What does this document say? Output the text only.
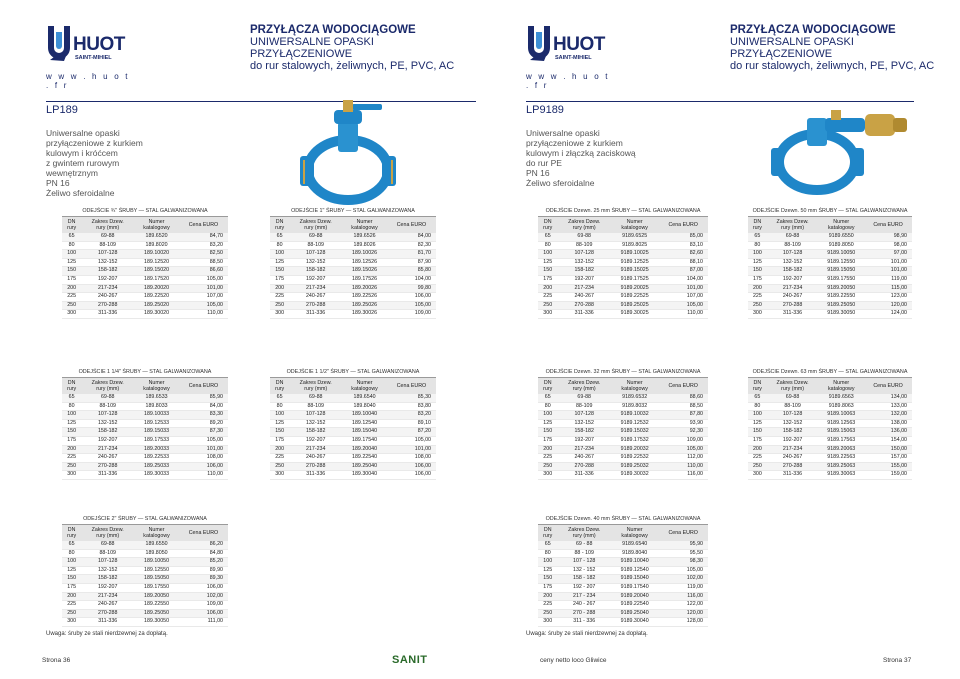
HUOT
SAINT-MIHIEL
w w w . h u o t . f r
PRZYŁĄCZA WODOCIĄGOWE
UNIWERSALNE OPASKI
PRZYŁĄCZENIOWE
do rur stalowych, żeliwnych, PE, PVC, AC
HUOT
SAINT-MIHIEL
w w w . h u o t . f r
PRZYŁĄCZA WODOCIĄGOWE
UNIWERSALNE OPASKI
PRZYŁĄCZENIOWE
do rur stalowych, żeliwnych, PE, PVC, AC
LP189
Uniwersalne opaski
przyłączeniowe z kurkiem
kulowym i króćcem
z gwintem rurowym
wewnętrznym
PN 16
Żeliwo sferoidalne
LP9189
Uniwersalne opaski
przyłączeniowe z kurkiem
kulowym i złączką zaciskową
do rur PE
PN 16
Żeliwo sferoidalne
ODEJŚCIE ¾" ŚRUBY — STAL GALWANIZOWANA
DN
rury	Zakres Dzew.
rury (mm)	Numer
katalogowy	Cena EURO
65	69-88	189.6520	84,70
80	88-109	189.8020	83,20
100	107-128	189.10020	82,50
125	132-152	189.12520	88,50
150	158-182	189.15020	86,60
175	192-207	189.17520	105,00
200	217-234	189.20020	101,00
225	240-267	189.22520	107,00
250	270-288	189.25020	105,00
300	311-336	189.30020	110,00
ODEJŚCIE 1" ŚRUBY — STAL GALWANIZOWANA
DN
rury	Zakres Dzew.
rury (mm)	Numer
katalogowy	Cena EURO
65	69-88	189.6526	84,00
80	88-109	189.8026	82,30
100	107-128	189.10026	81,70
125	132-152	189.12526	87,90
150	158-182	189.15026	85,80
175	192-207	189.17526	104,00
200	217-234	189.20026	99,80
225	240-267	189.22526	106,00
250	270-288	189.25026	105,00
300	311-336	189.30026	109,00
ODEJŚCIE Dzewn. 25 mm ŚRUBY — STAL GALWANIZOWANA
DN
rury	Zakres Dzew.
rury (mm)	Numer
katalogowy	Cena EURO
65	69-88	9189.6525	85,00
80	88-109	9189.8025	83,10
100	107-128	9189.10025	82,60
125	132-152	9189.12525	88,10
150	158-182	9189.15025	87,00
175	192-207	9189.17525	104,00
200	217-234	9189.20025	101,00
225	240-267	9189.22525	107,00
250	270-288	9189.25025	105,00
300	311-336	9189.30025	110,00
ODEJŚCIE Dzewn. 50 mm ŚRUBY — STAL GALWANIZOWANA
DN
rury	Zakres Dzew.
rury (mm)	Numer
katalogowy	Cena EURO
65	69-88	9189.6550	98,90
80	88-109	9189.8050	98,00
100	107-128	9189.10050	97,00
125	132-152	9189.12550	101,00
150	158-182	9189.15050	101,00
175	192-207	9189.17550	119,00
200	217-234	9189.20050	115,00
225	240-267	9189.22550	123,00
250	270-288	9189.25050	120,00
300	311-336	9189.30050	124,00
ODEJŚCIE 1 1/4" ŚRUBY — STAL GALWANIZOWANA
DN
rury	Zakres Dzew.
rury (mm)	Numer
katalogowy	Cena EURO
65	69-88	189.6533	85,90
80	88-109	189.8033	84,00
100	107-128	189.10033	83,30
125	132-152	189.12533	89,20
150	158-182	189.15033	87,30
175	192-207	189.17533	105,00
200	217-234	189.20033	101,00
225	240-267	189.22533	108,00
250	270-288	189.25033	106,00
300	311-336	189.30033	110,00
ODEJŚCIE 1 1/2" ŚRUBY — STAL GALWANIZOWANA
DN
rury	Zakres Dzew.
rury (mm)	Numer
katalogowy	Cena EURO
65	69-88	189.6540	85,30
80	88-109	189.8040	83,80
100	107-128	189.10040	83,20
125	132-152	189.12540	89,10
150	158-182	189.15040	87,20
175	192-207	189.17540	105,00
200	217-234	189.20040	101,00
225	240-267	189.22540	108,00
250	270-288	189.25040	106,00
300	311-336	189.30040	106,00
ODEJŚCIE Dzewn. 32 mm ŚRUBY — STAL GALWANIZOWANA
DN
rury	Zakres Dzew.
rury (mm)	Numer
katalogowy	Cena EURO
65	69-88	9189.6532	88,60
80	88-109	9189.8032	88,50
100	107-128	9189.10032	87,80
125	132-152	9189.12532	93,90
150	158-182	9189.15032	92,30
175	192-207	9189.17532	109,00
200	217-234	9189.20032	105,00
225	240-267	9189.22532	112,00
250	270-288	9189.25032	110,00
300	311-336	9189.30032	116,00
ODEJŚCIE Dzewn. 63 mm ŚRUBY — STAL GALWANIZOWANA
DN
rury	Zakres Dzew.
rury (mm)	Numer
katalogowy	Cena EURO
65	69-88	9189.6563	134,00
80	88-109	9189.8063	133,00
100	107-128	9189.10063	132,00
125	132-152	9189.12563	138,00
150	158-182	9189.15063	136,00
175	192-207	9189.17563	154,00
200	217-234	9189.20063	150,00
225	240-267	9189.22563	157,00
250	270-288	9189.25063	155,00
300	311-336	9189.30063	159,00
ODEJŚCIE 2" ŚRUBY — STAL GALWANIZOWANA
DN
rury	Zakres Dzew.
rury (mm)	Numer
katalogowy	Cena EURO
65	69-88	189.6550	86,20
80	88-109	189.8050	84,80
100	107-128	189.10050	85,20
125	132-152	189.12550	89,90
150	158-182	189.15050	89,30
175	192-207	189.17550	106,00
200	217-234	189.20050	102,00
225	240-267	189.22550	109,00
250	270-288	189.25050	106,00
300	311-336	189.30050	111,00
ODEJŚCIE Dzewn. 40 mm ŚRUBY — STAL GALWANIZOWANA
DN
rury	Zakres Dzew.
rury (mm)	Numer
katalogowy	Cena EURO
65	69 - 88	9189.6540	95,90
80	88 - 109	9189.8040	95,50
100	107 - 128	9189.10040	98,30
125	132 - 152	9189.12540	105,00
150	158 - 182	9189.15040	102,00
175	192 - 207	9189.17540	119,00
200	217 - 234	9189.20040	116,00
225	240 - 267	9189.22540	122,00
250	270 - 288	9189.25040	120,00
300	311 - 336	9189.30040	128,00
Uwaga: śruby ze stali nierdzewnej za dopłatą.	Uwaga: śruby ze stali nierdzewnej za dopłatą.
Strona 36	SANIT	ceny netto loco Gliwice	Strona 37
